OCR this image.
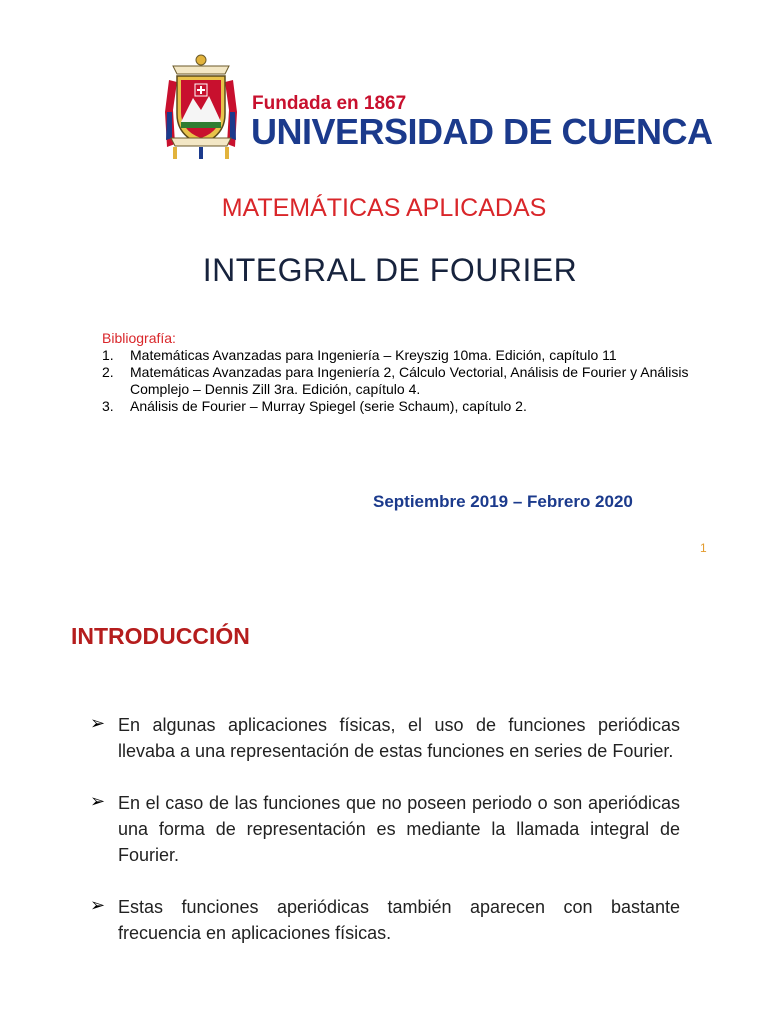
Fundada en 1867
UNIVERSIDAD DE CUENCA
MATEMÁTICAS APLICADAS
INTEGRAL DE FOURIER
Bibliografía:
1. Matemáticas Avanzadas para Ingeniería – Kreyszig 10ma. Edición, capítulo 11
2. Matemáticas Avanzadas para Ingeniería 2, Cálculo Vectorial, Análisis de Fourier y Análisis Complejo – Dennis Zill 3ra. Edición, capítulo 4.
3. Análisis de Fourier – Murray Spiegel (serie Schaum), capítulo 2.
Septiembre 2019 – Febrero 2020
1
INTRODUCCIÓN
➢ En algunas aplicaciones físicas, el uso de funciones periódicas llevaba a una representación de estas funciones en series de Fourier.
➢ En el caso de las funciones que no poseen periodo o son aperiódicas una forma de representación es mediante la llamada integral de Fourier.
➢ Estas funciones aperiódicas también aparecen con bastante frecuencia en aplicaciones físicas.
